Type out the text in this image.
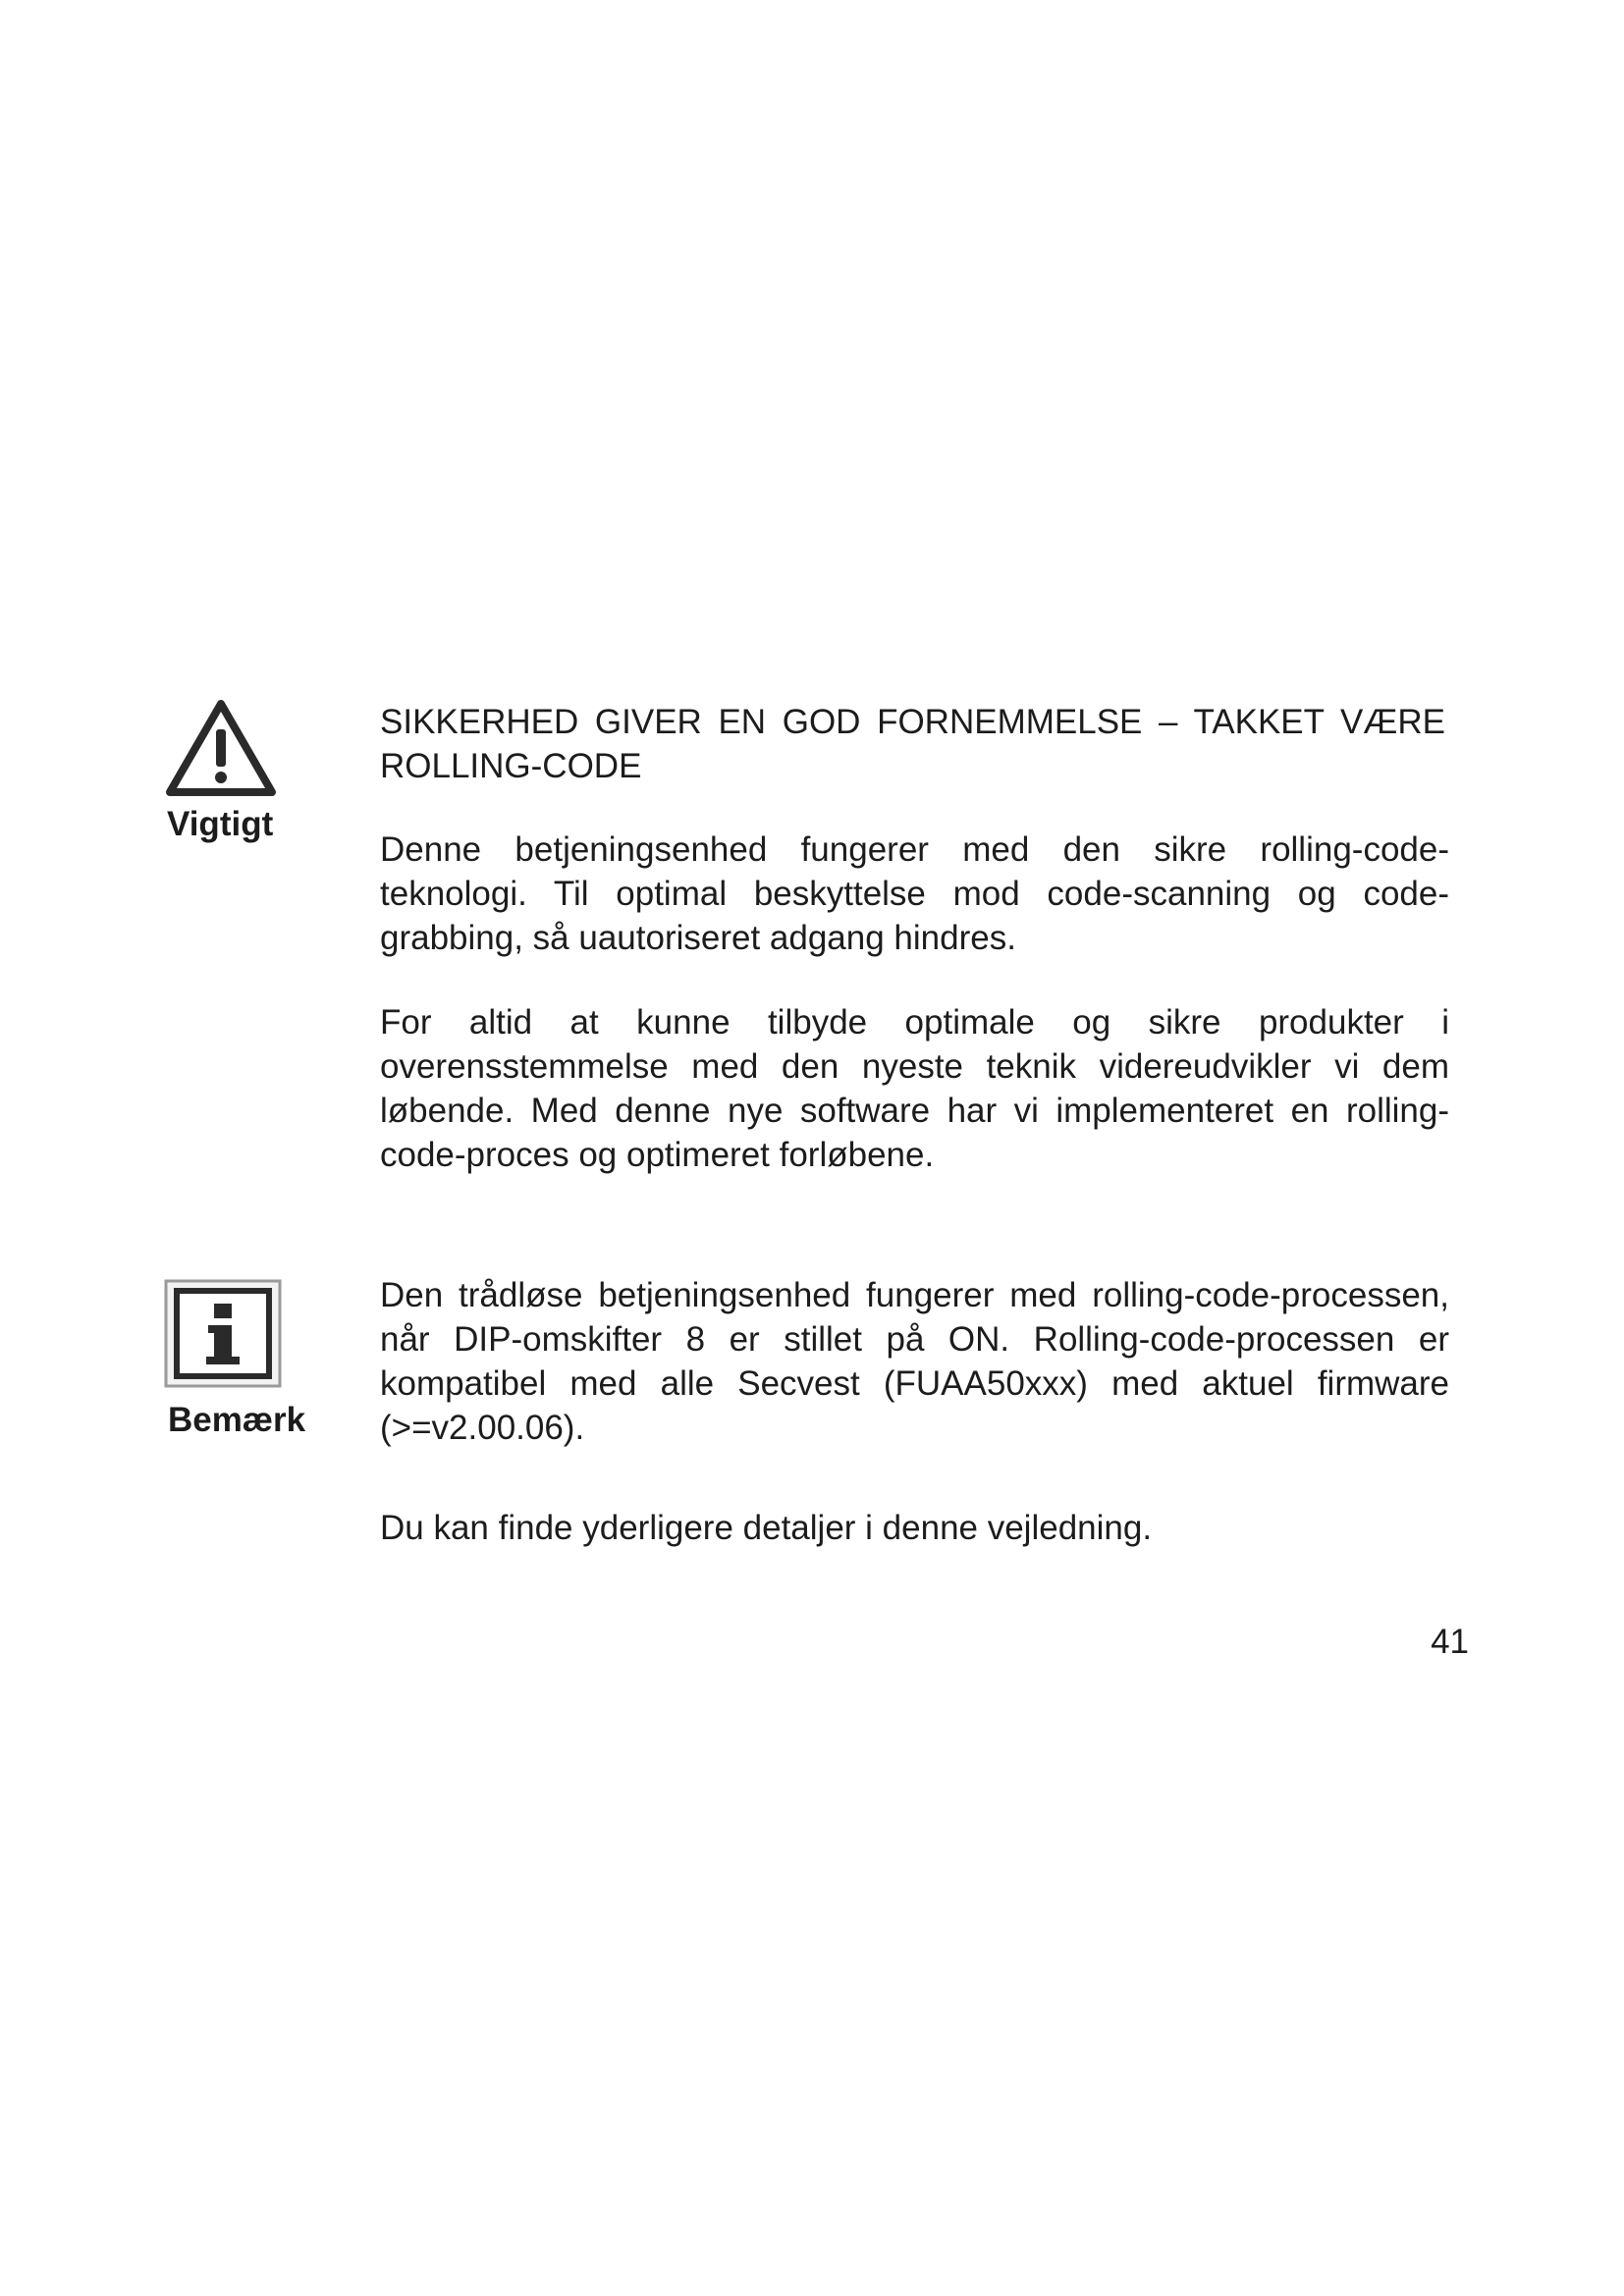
Vigtigt
SIKKERHED GIVER EN GOD FORNEMMELSE – TAKKET VÆRE ROLLING-CODE
Denne betjeningsenhed fungerer med den sikre rolling-code-teknologi. Til optimal beskyttelse mod code-scanning og code-grabbing, så uautoriseret adgang hindres.
For altid at kunne tilbyde optimale og sikre produkter i overensstemmelse med den nyeste teknik videreudvikler vi dem løbende. Med denne nye software har vi implementeret en rolling-code-proces og optimeret forløbene.
Bemærk
Den trådløse betjeningsenhed fungerer med rolling-code-processen, når DIP-omskifter 8 er stillet på ON. Rolling-code-processen er kompatibel med alle Secvest (FUAA50xxx) med aktuel firmware (>=v2.00.06).
Du kan finde yderligere detaljer i denne vejledning.
41
